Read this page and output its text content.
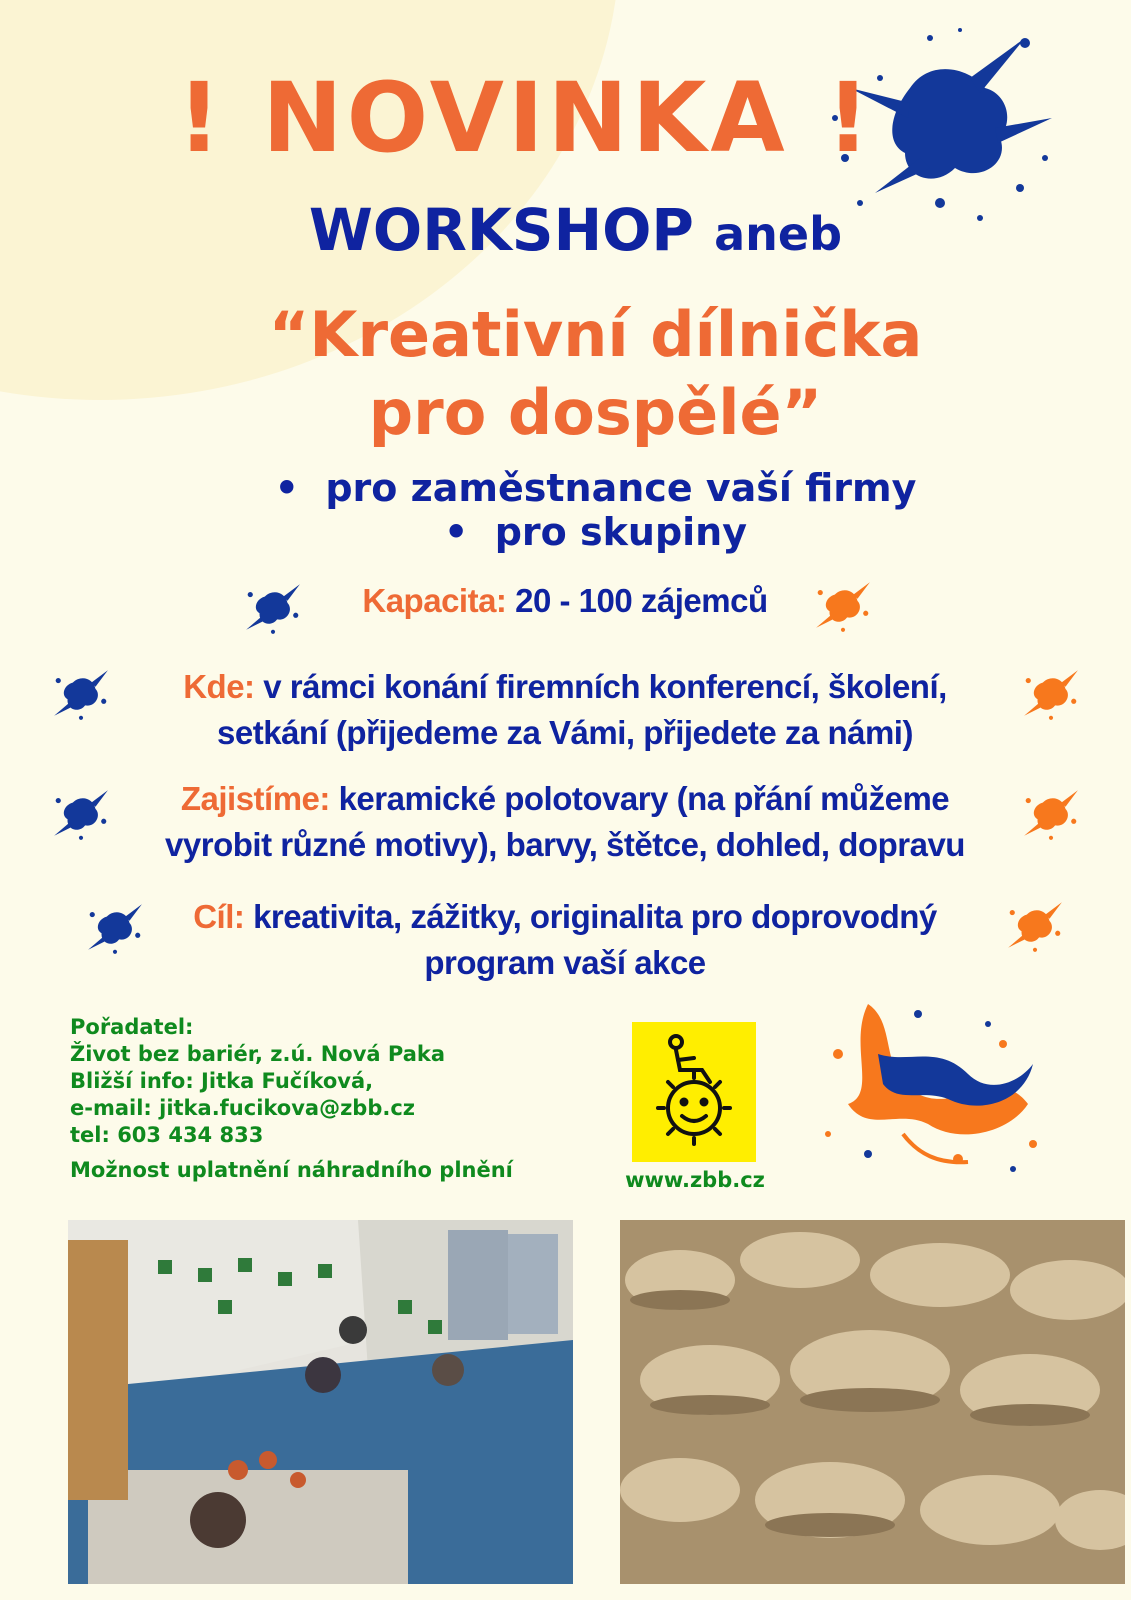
! NOVINKA !
WORKSHOP aneb
“Kreativní dílnička
pro dospělé”
•  pro zaměstnance vaší firmy
•  pro skupiny
Kapacita: 20 - 100 zájemců
Kde: v rámci konání firemních konferencí, školení,
setkání (přijedeme za Vámi, přijedete za námi)
Zajistíme: keramické polotovary (na přání můžeme
vyrobit různé motivy), barvy, štětce, dohled, dopravu
Cíl: kreativita, zážitky, originalita pro doprovodný
program vaší akce
Pořadatel:
Život bez bariér, z.ú. Nová Paka
Bližší info: Jitka Fučíková,
e-mail: jitka.fucikova@zbb.cz
tel: 603 434 833
Možnost uplatnění náhradního plnění	www.zbb.cz
